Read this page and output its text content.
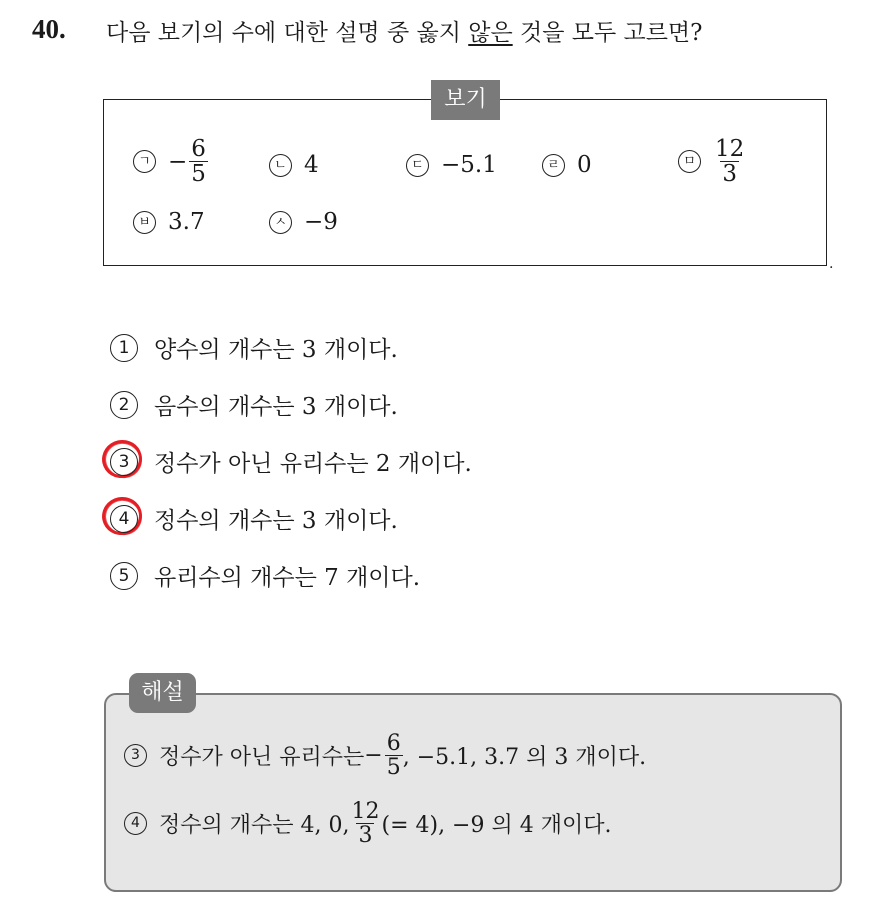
40. 다음 보기의 수에 대한 설명 중 옳지 않은 것을 모두 고르면?
보기
.
ㄱ − $\frac{6}{5}$	ㄴ 4	ㄷ −5.1	ㄹ 0	ㅁ $\frac{12}{3}$
ㅂ 3.7	ㅅ −9
1	양수의 개수는 3 개이다.
2	음수의 개수는 3 개이다.
3	정수가 아닌 유리수는 2 개이다.
4	정수의 개수는 3 개이다.
5	유리수의 개수는 7 개이다.
해설
3 정수가 아닌 유리수는 − $\frac{6}{5}$ , −5.1, 3.7 의 3 개이다.
4 정수의 개수는 4, 0, $\frac{12}{3}$ (= 4), −9 의 4 개이다.
